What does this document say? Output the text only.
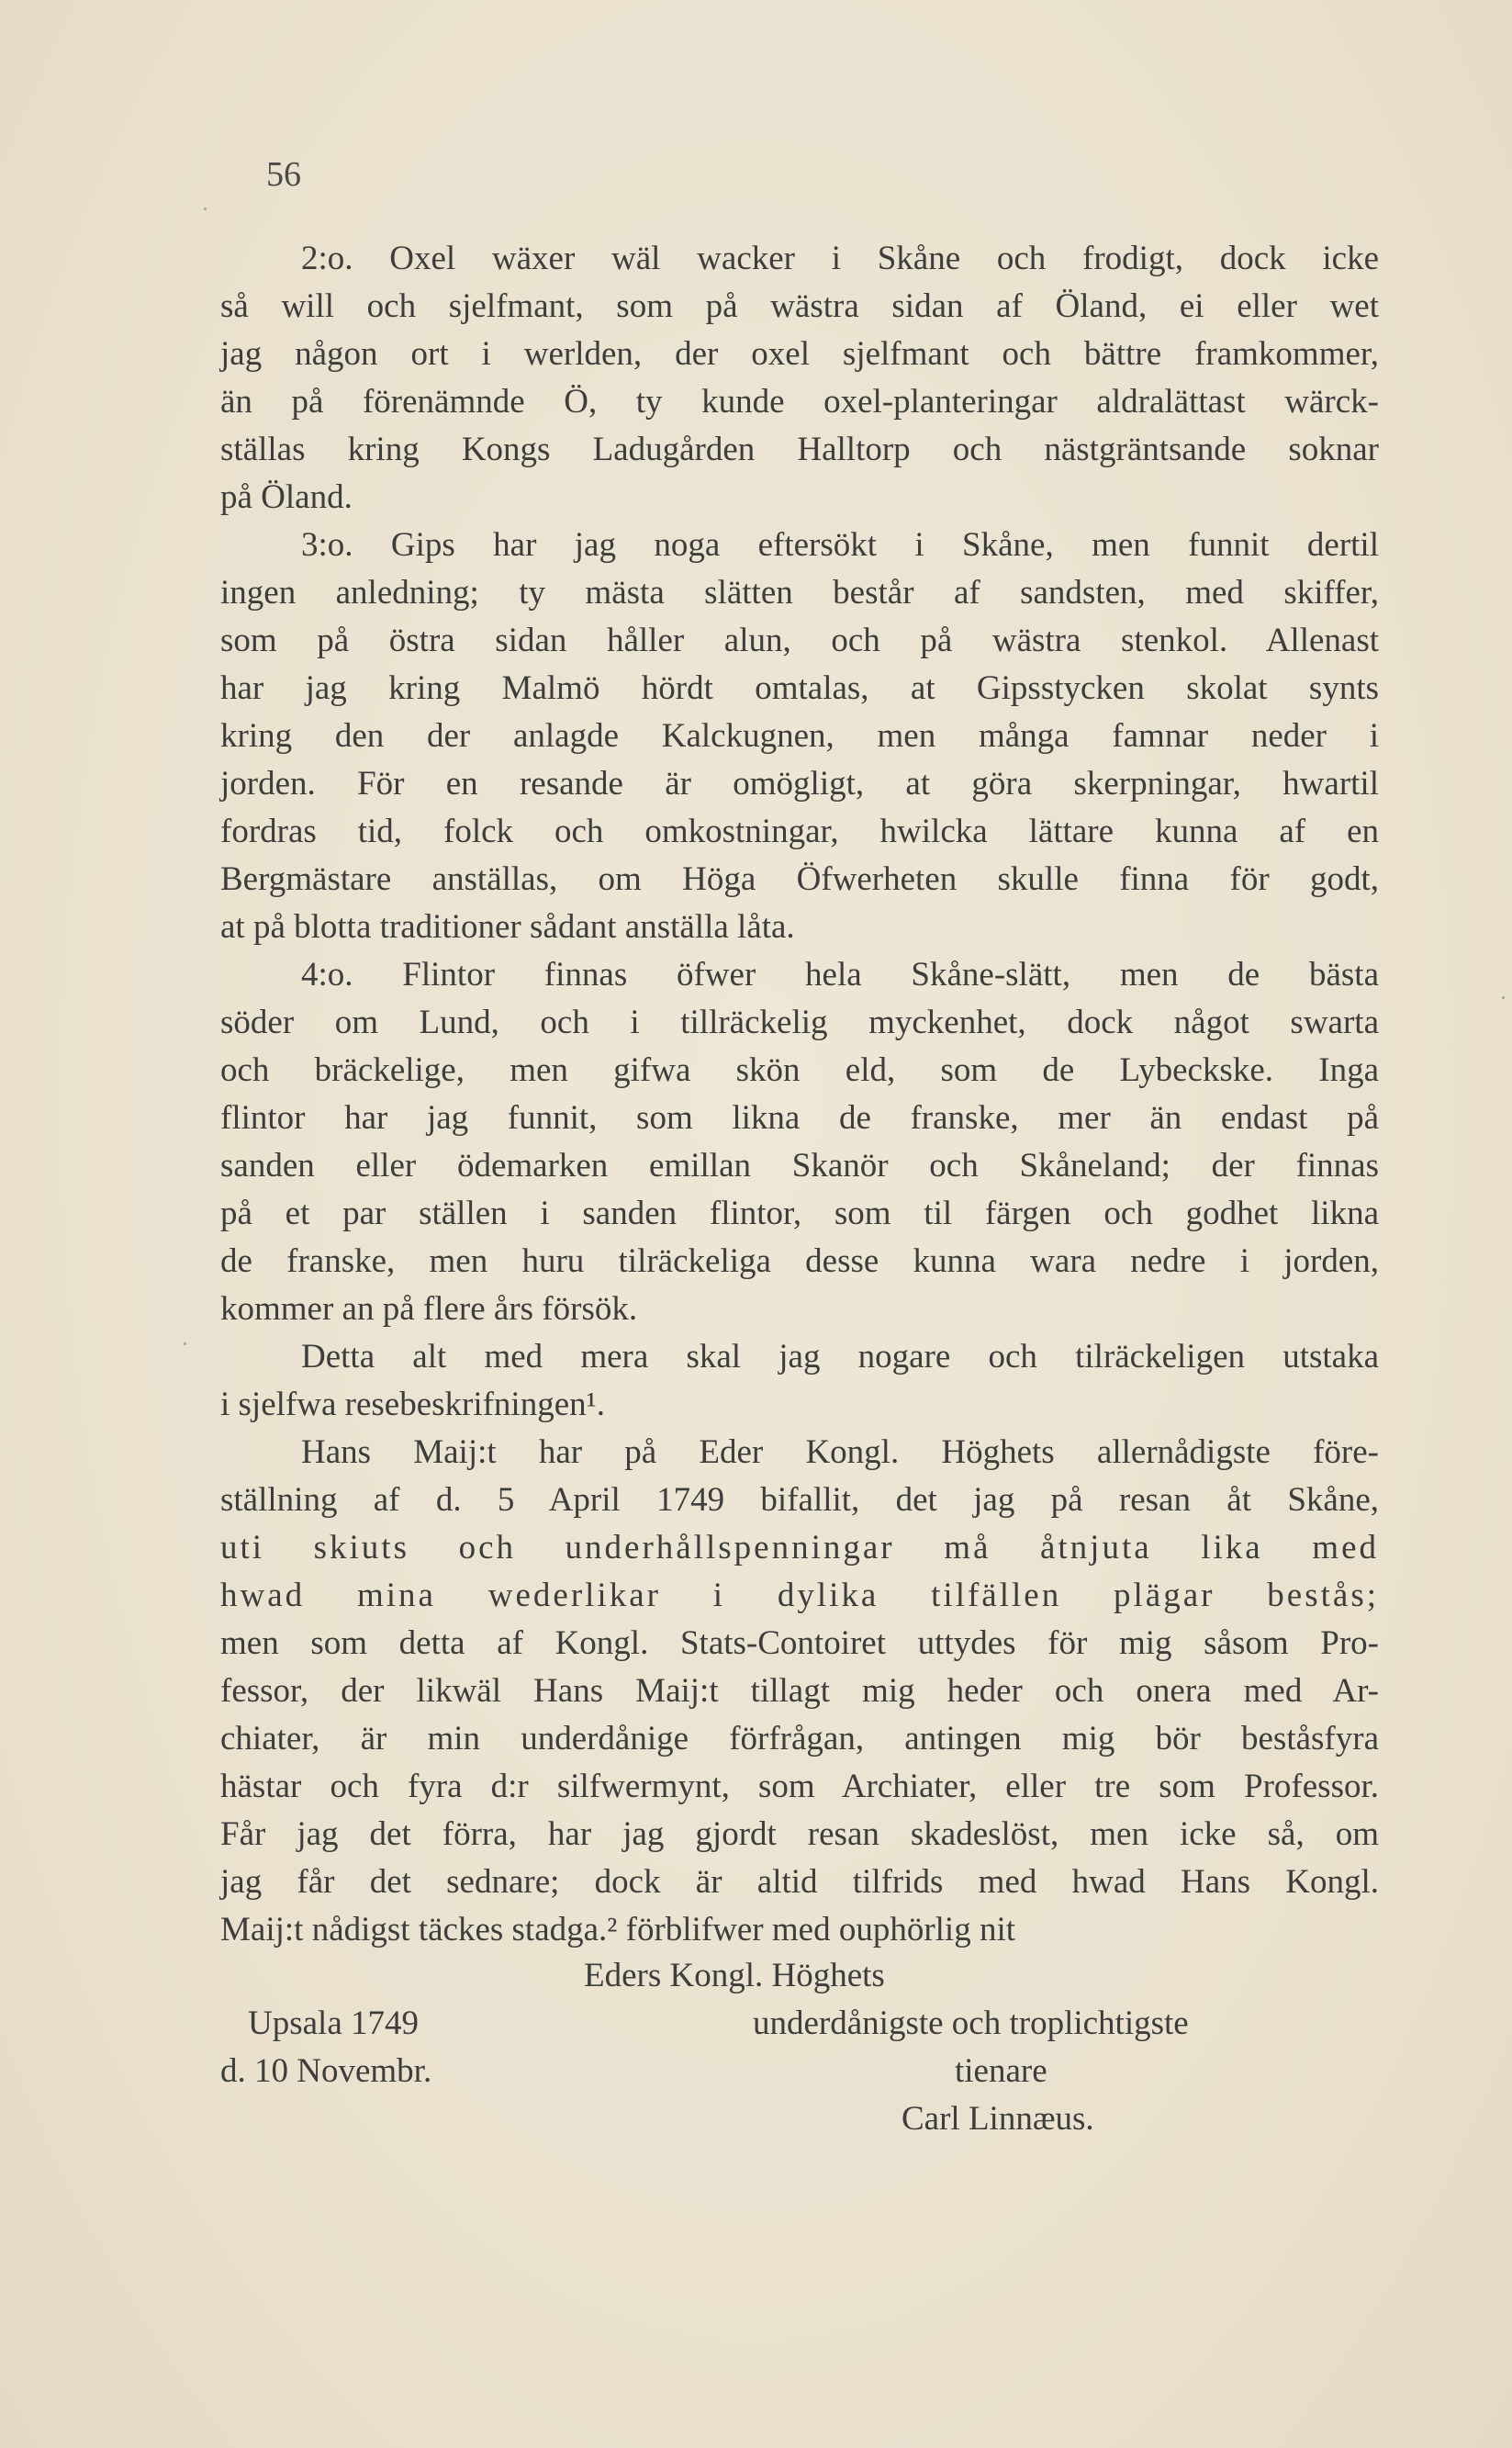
56
2:o. Oxel wäxer wäl wacker i Skåne och frodigt, dock icke
så will och sjelfmant, som på wästra sidan af Öland, ei eller wet
jag någon ort i werlden, der oxel sjelfmant och bättre framkommer,
än på förenämnde Ö, ty kunde oxel-planteringar aldralättast wärck-
ställas kring Kongs Ladugården Halltorp och nästgräntsande soknar
på Öland.
3:o. Gips har jag noga eftersökt i Skåne, men funnit dertil
ingen anledning; ty mästa slätten består af sandsten, med skiffer,
som på östra sidan håller alun, och på wästra stenkol. Allenast
har jag kring Malmö hördt omtalas, at Gipsstycken skolat synts
kring den der anlagde Kalckugnen, men många famnar neder i
jorden. För en resande är omögligt, at göra skerpningar, hwartil
fordras tid, folck och omkostningar, hwilcka lättare kunna af en
Bergmästare anställas, om Höga Öfwerheten skulle finna för godt,
at på blotta traditioner sådant anställa låta.
4:o. Flintor finnas öfwer hela Skåne-slätt, men de bästa
söder om Lund, och i tillräckelig myckenhet, dock något swarta
och bräckelige, men gifwa skön eld, som de Lybeckske. Inga
flintor har jag funnit, som likna de franske, mer än endast på
sanden eller ödemarken emillan Skanör och Skåneland; der finnas
på et par ställen i sanden flintor, som til färgen och godhet likna
de franske, men huru tilräckeliga desse kunna wara nedre i jorden,
kommer an på flere års försök.
Detta alt med mera skal jag nogare och tilräckeligen utstaka
i sjelfwa resebeskrifningen¹.
Hans Maij:t har på Eder Kongl. Höghets allernådigste före-
ställning af d. 5 April 1749 bifallit, det jag på resan åt Skåne,
uti skiuts och underhållspenningar må åtnjuta lika med
hwad mina wederlikar i dylika tilfällen plägar bestås;
men som detta af Kongl. Stats-Contoiret uttydes för mig såsom Pro-
fessor, der likwäl Hans Maij:t tillagt mig heder och onera med Ar-
chiater, är min underdånige förfrågan, antingen mig bör beståsfyra
hästar och fyra d:r silfwermynt, som Archiater, eller tre som Professor.
Får jag det förra, har jag gjordt resan skadeslöst, men icke så, om
jag får det sednare; dock är altid tilfrids med hwad Hans Kongl.
Maij:t nådigst täckes stadga.² förblifwer med ouphörlig nit
Eders Kongl. Höghets
Upsala 1749	underdånigste och troplichtigste
d. 10 Novembr.	tienare
Carl Linnæus.
